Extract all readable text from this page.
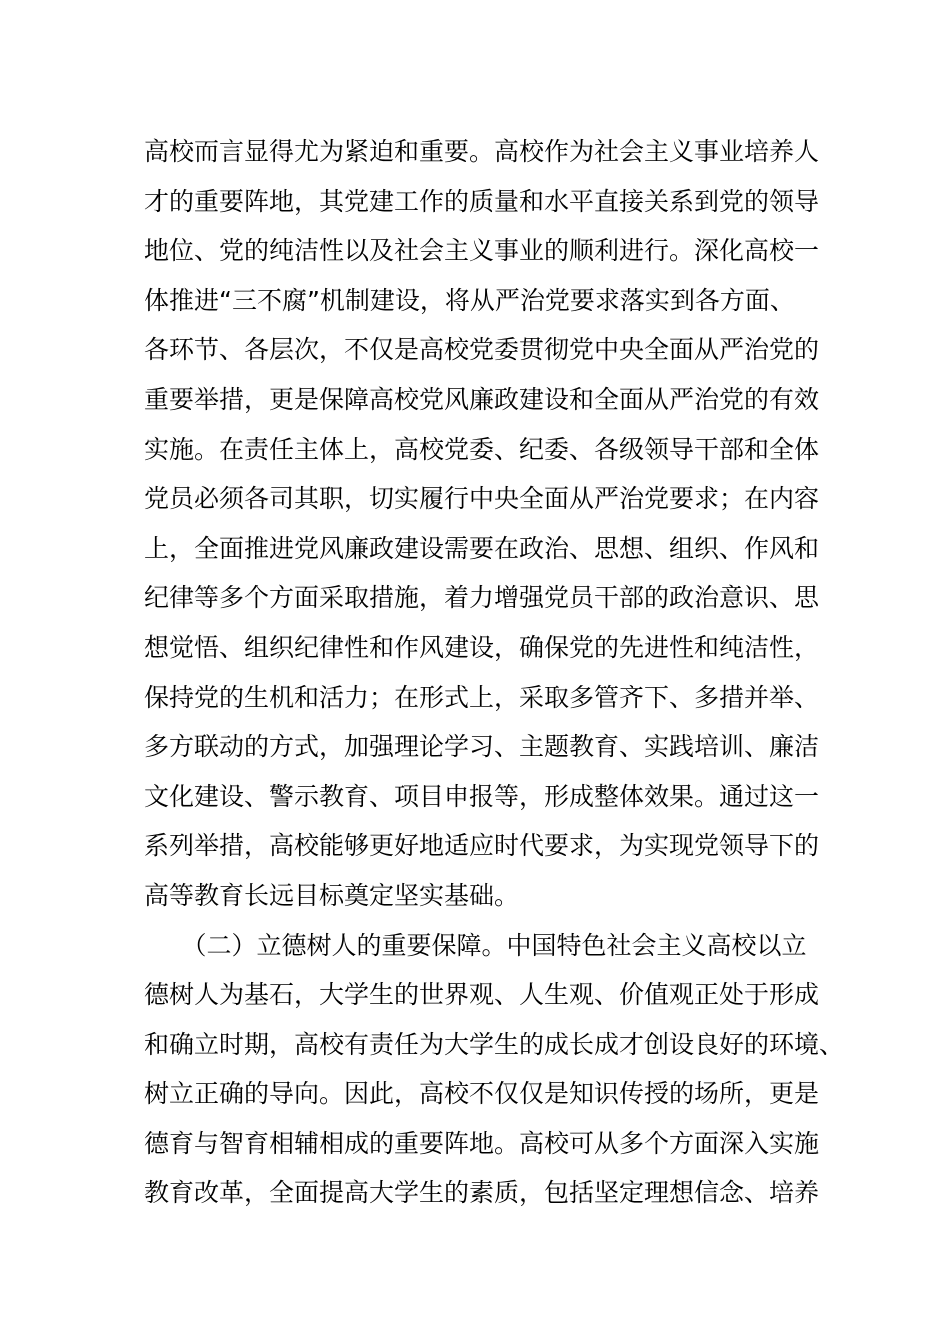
高校而言显得尤为紧迫和重要。高校作为社会主义事业培养人
才的重要阵地，其党建工作的质量和水平直接关系到党的领导
地位、党的纯洁性以及社会主义事业的顺利进行。深化高校一
体推进“三不腐”机制建设，将从严治党要求落实到各方面、
各环节、各层次，不仅是高校党委贯彻党中央全面从严治党的
重要举措，更是保障高校党风廉政建设和全面从严治党的有效
实施。在责任主体上，高校党委、纪委、各级领导干部和全体
党员必须各司其职，切实履行中央全面从严治党要求；在内容
上，全面推进党风廉政建设需要在政治、思想、组织、作风和
纪律等多个方面采取措施，着力增强党员干部的政治意识、思
想觉悟、组织纪律性和作风建设，确保党的先进性和纯洁性，
保持党的生机和活力；在形式上，采取多管齐下、多措并举、
多方联动的方式，加强理论学习、主题教育、实践培训、廉洁
文化建设、警示教育、项目申报等，形成整体效果。通过这一
系列举措，高校能够更好地适应时代要求，为实现党领导下的
高等教育长远目标奠定坚实基础。
　　（二）立德树人的重要保障。中国特色社会主义高校以立
德树人为基石，大学生的世界观、人生观、价值观正处于形成
和确立时期，高校有责任为大学生的成长成才创设良好的环境、
树立正确的导向。因此，高校不仅仅是知识传授的场所，更是
德育与智育相辅相成的重要阵地。高校可从多个方面深入实施
教育改革，全面提高大学生的素质，包括坚定理想信念、培养
